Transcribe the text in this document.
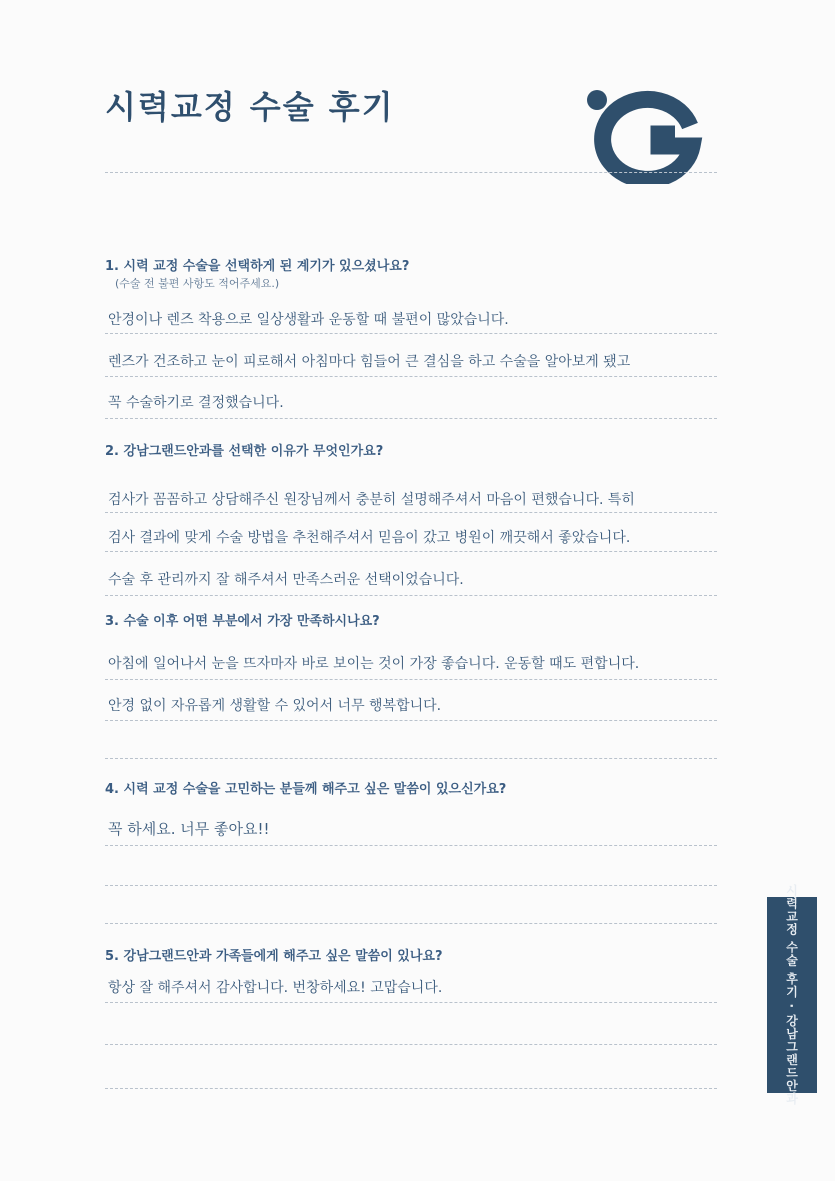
시력교정 수술 후기
1. 시력 교정 수술을 선택하게 된 계기가 있으셨나요?
(수술 전 불편 사항도 적어주세요.)
안경이나 렌즈 착용으로 일상생활과 운동할 때 불편이 많았습니다.
렌즈가 건조하고 눈이 피로해서 아침마다 힘들어 큰 결심을 하고 수술을 알아보게 됐고
꼭 수술하기로 결정했습니다.
2. 강남그랜드안과를 선택한 이유가 무엇인가요?
검사가 꼼꼼하고 상담해주신 원장님께서 충분히 설명해주셔서 마음이 편했습니다. 특히
검사 결과에 맞게 수술 방법을 추천해주셔서 믿음이 갔고 병원이 깨끗해서 좋았습니다.
수술 후 관리까지 잘 해주셔서 만족스러운 선택이었습니다.
3. 수술 이후 어떤 부분에서 가장 만족하시나요?
아침에 일어나서 눈을 뜨자마자 바로 보이는 것이 가장 좋습니다. 운동할 때도 편합니다.
안경 없이 자유롭게 생활할 수 있어서 너무 행복합니다.
4. 시력 교정 수술을 고민하는 분들께 해주고 싶은 말씀이 있으신가요?
꼭 하세요. 너무 좋아요!!
5. 강남그랜드안과 가족들에게 해주고 싶은 말씀이 있나요?
항상 잘 해주셔서 감사합니다. 번창하세요! 고맙습니다.	시력교정 수술 후기 · 강남그랜드안과
